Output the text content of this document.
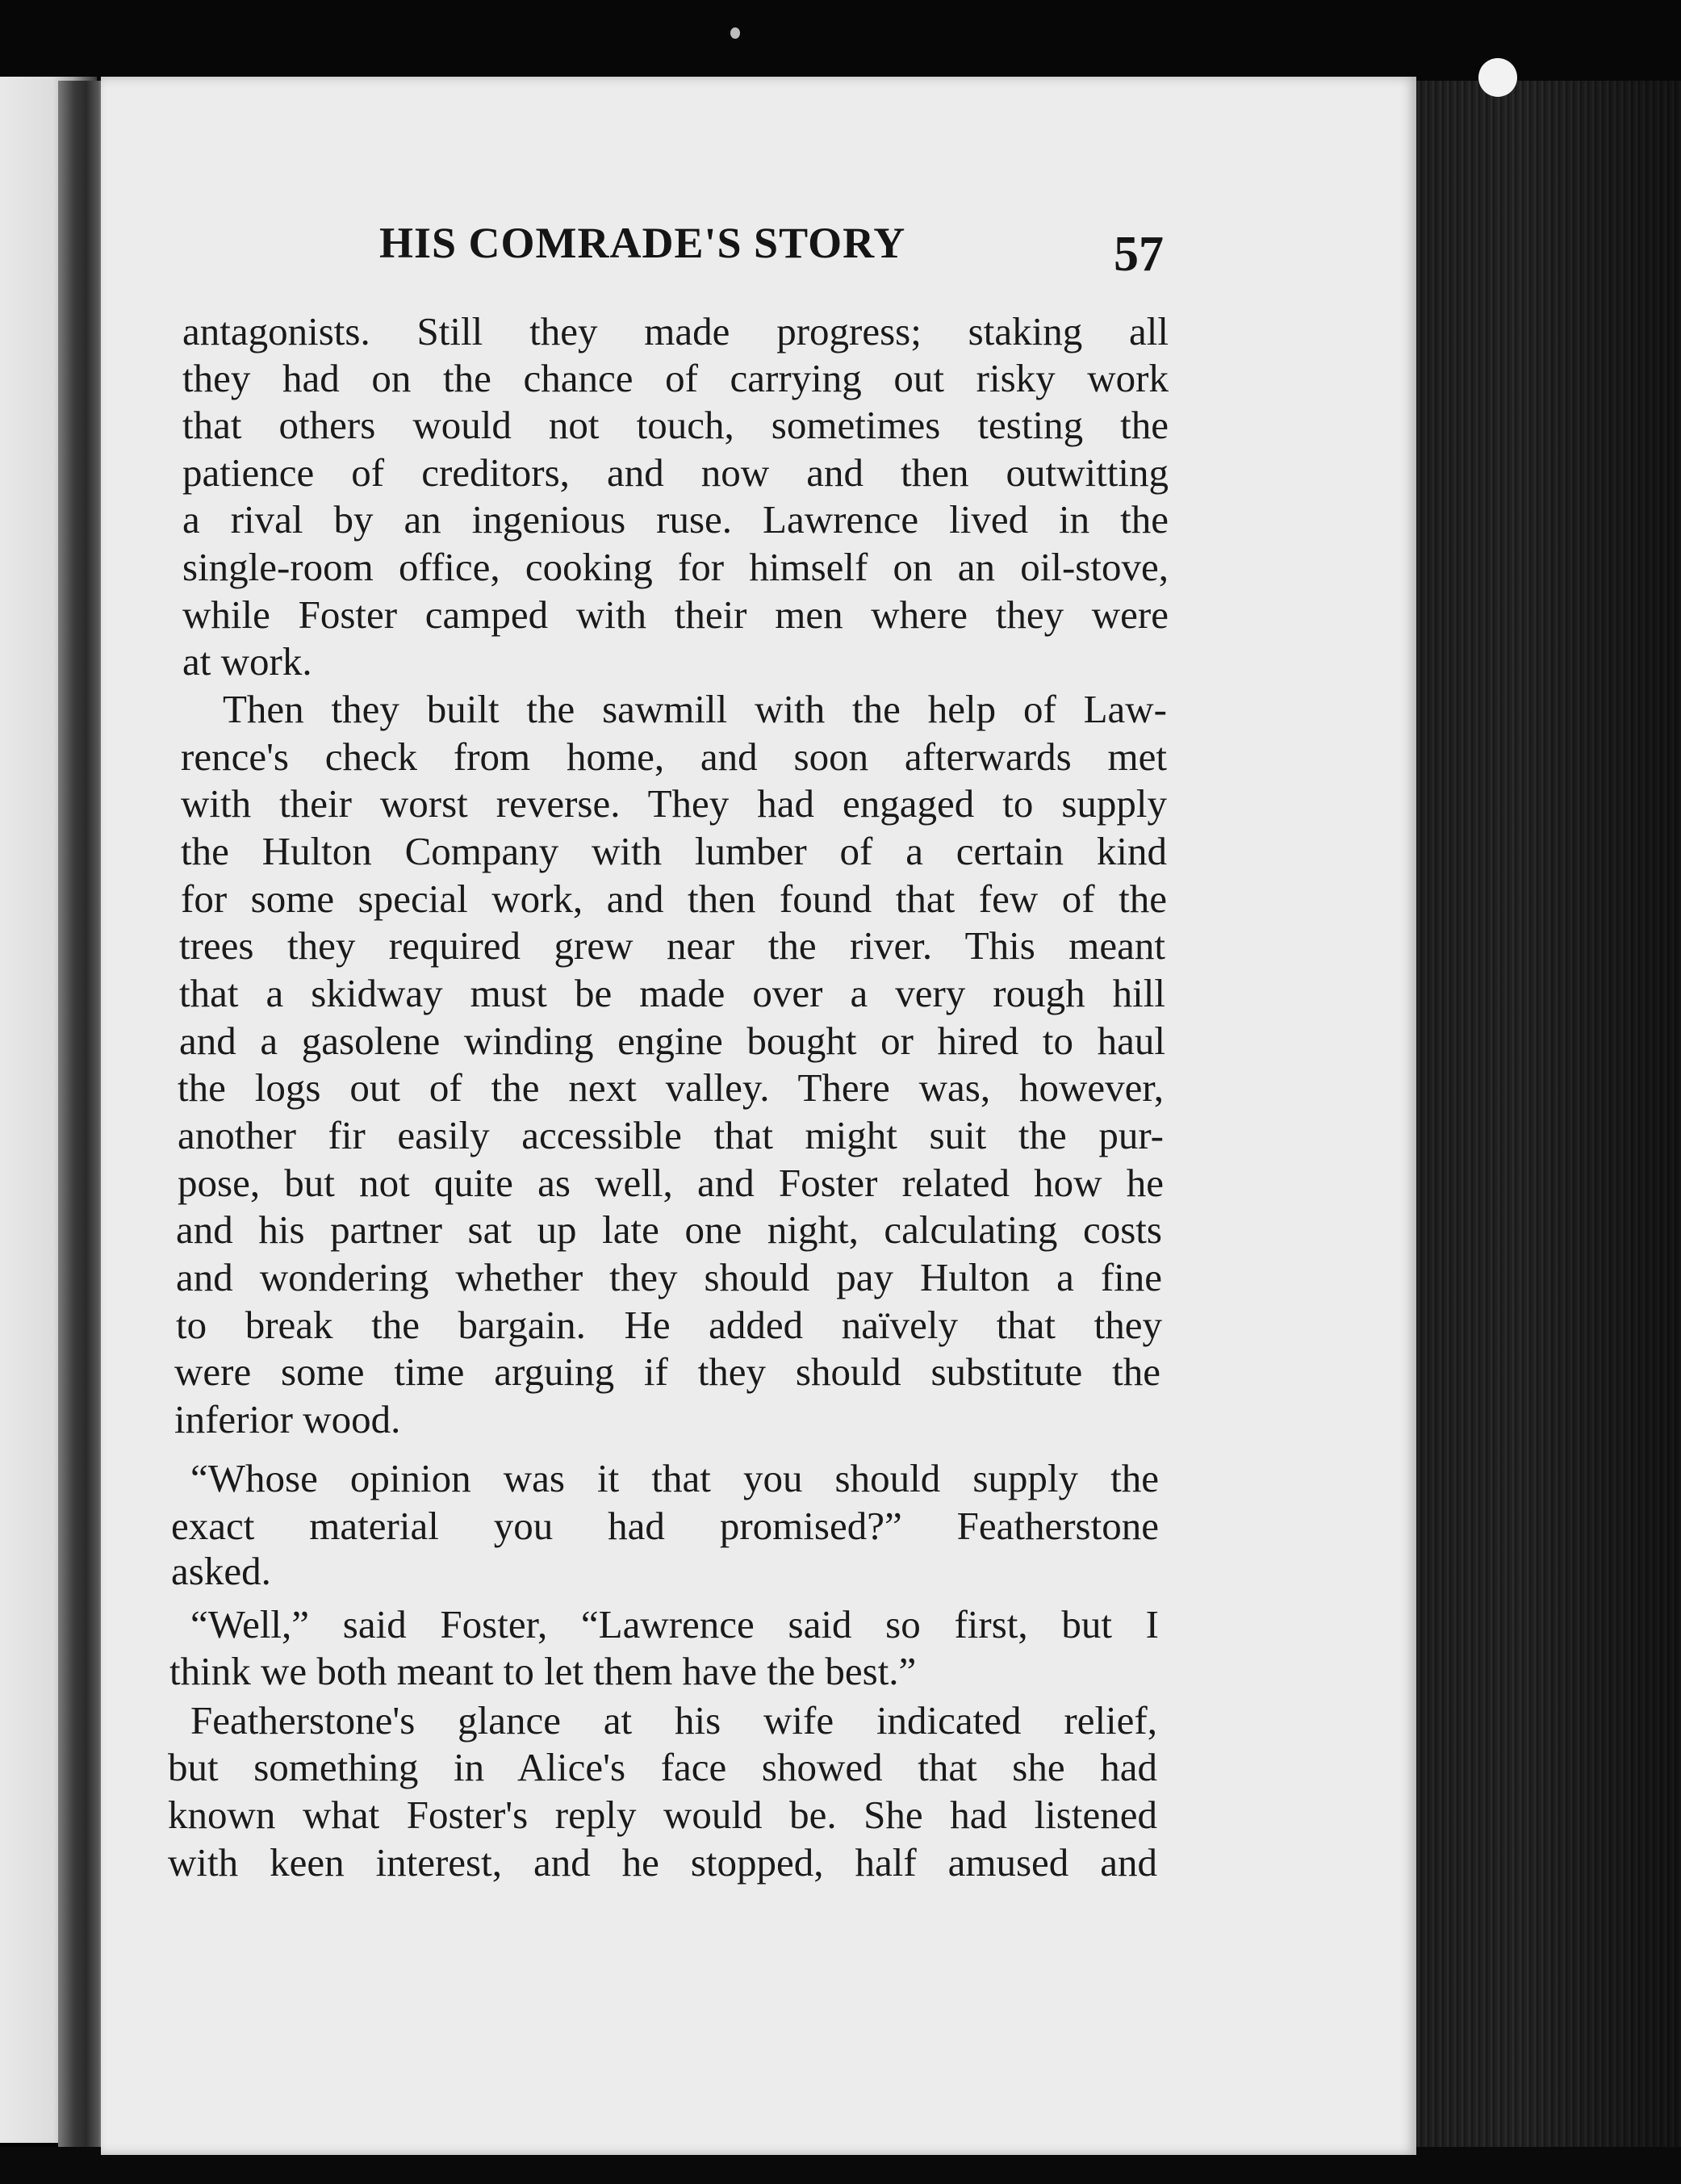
HIS COMRADE'S STORY	57
antagonists. Still they made progress; staking all
they had on the chance of carrying out risky work
that others would not touch, sometimes testing the
patience of creditors, and now and then outwitting
a rival by an ingenious ruse. Lawrence lived in the
single-room office, cooking for himself on an oil-stove,
while Foster camped with their men where they were
at work.
Then they built the sawmill with the help of Law-
rence's check from home, and soon afterwards met
with their worst reverse. They had engaged to supply
the Hulton Company with lumber of a certain kind
for some special work, and then found that few of the
trees they required grew near the river. This meant
that a skidway must be made over a very rough hill
and a gasolene winding engine bought or hired to haul
the logs out of the next valley. There was, however,
another fir easily accessible that might suit the pur-
pose, but not quite as well, and Foster related how he
and his partner sat up late one night, calculating costs
and wondering whether they should pay Hulton a fine
to break the bargain. He added naïvely that they
were some time arguing if they should substitute the
inferior wood.
“Whose opinion was it that you should supply the
exact material you had promised?” Featherstone
asked.
“Well,” said Foster, “Lawrence said so first, but I
think we both meant to let them have the best.”
Featherstone's glance at his wife indicated relief,
but something in Alice's face showed that she had
known what Foster's reply would be. She had listened
with keen interest, and he stopped, half amused and
